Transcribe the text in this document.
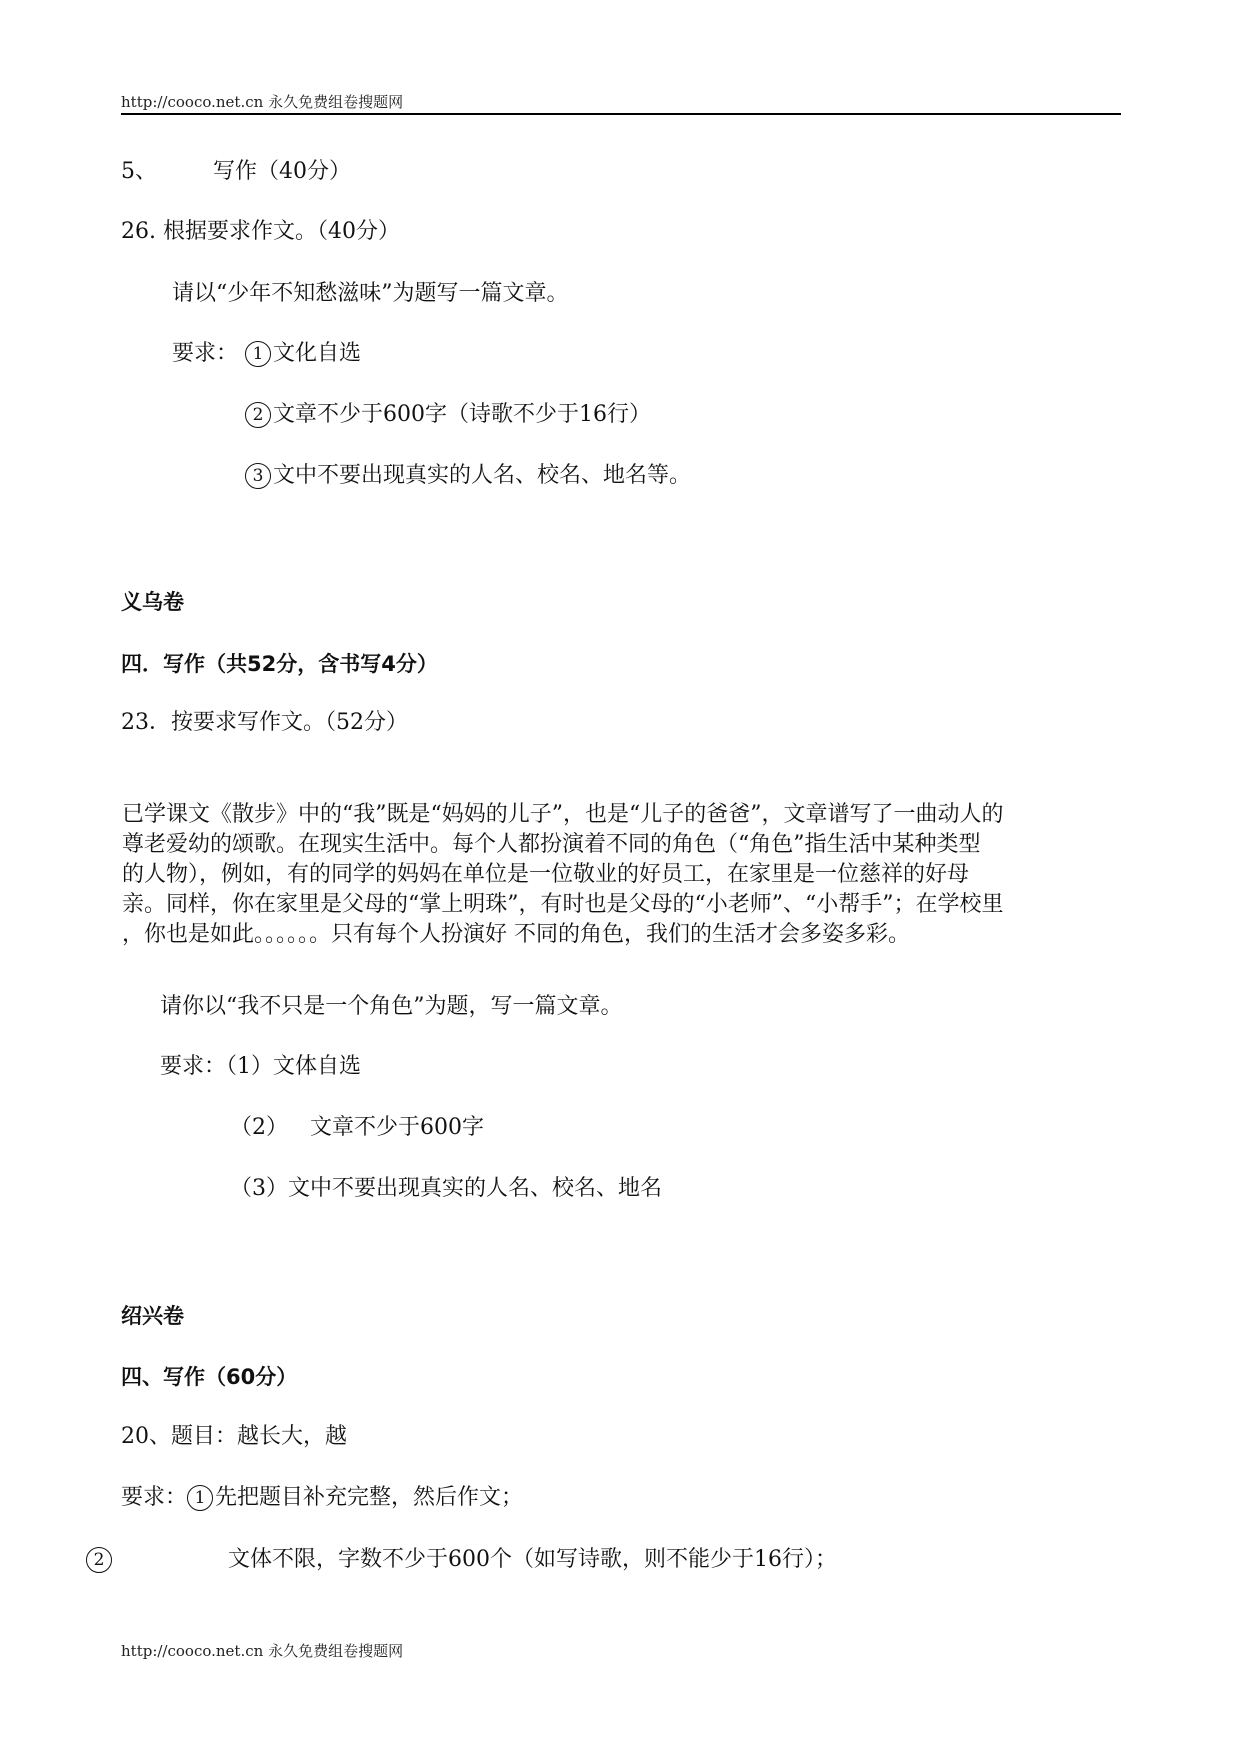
http://cooco.net.cn 永久免费组卷搜题网
5、	写作（40分）
26. 根据要求作文。（40分）
请以“少年不知愁滋味”为题写一篇文章。
要求： 1 文化自选
2 文章不少于600字（诗歌不少于16行）
3 文中不要出现真实的人名、校名、地名等。
义乌卷
四．写作（共52分，含书写4分）
23．按要求写作文。（52分）
已学课文《散步》中的“我”既是“妈妈的儿子”，也是“儿子的爸爸”，文章谱写了一曲动人的
尊老爱幼的颂歌。在现实生活中。每个人都扮演着不同的角色（“角色”指生活中某种类型
的人物），例如，有的同学的妈妈在单位是一位敬业的好员工，在家里是一位慈祥的好母
亲。同样，你在家里是父母的“掌上明珠”，有时也是父母的“小老师”、“小帮手”；在学校里
，你也是如此。。。。。。只有每个人扮演好 不同的角色，我们的生活才会多姿多彩。
请你以“我不只是一个角色”为题，写一篇文章。
要求：（1）文体自选
（2） 文章不少于600字
（3）文中不要出现真实的人名、校名、地名
绍兴卷
四、写作（60分）
20、题目：越长大，越
要求： 1 先把题目补充完整，然后作文；
2	文体不限，字数不少于600个（如写诗歌，则不能少于16行）；
http://cooco.net.cn 永久免费组卷搜题网
